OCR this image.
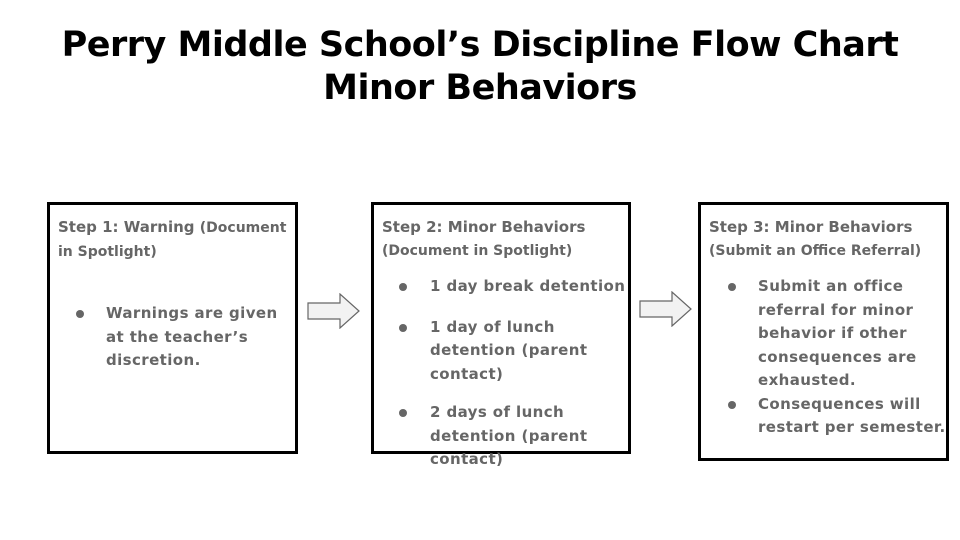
Perry Middle School’s Discipline Flow Chart
Minor Behaviors
Step 1: Warning (Document in Spotlight)
Warnings are given at the teacher’s discretion.
Step 2: Minor Behaviors
(Document in Spotlight)
1 day break detention
1 day of lunch detention (parent contact)
2 days of lunch detention (parent contact)
Step 3: Minor Behaviors
(Submit an Office Referral)
Submit an office referral for minor behavior if other consequences are exhausted.
Consequences will restart per semester.
